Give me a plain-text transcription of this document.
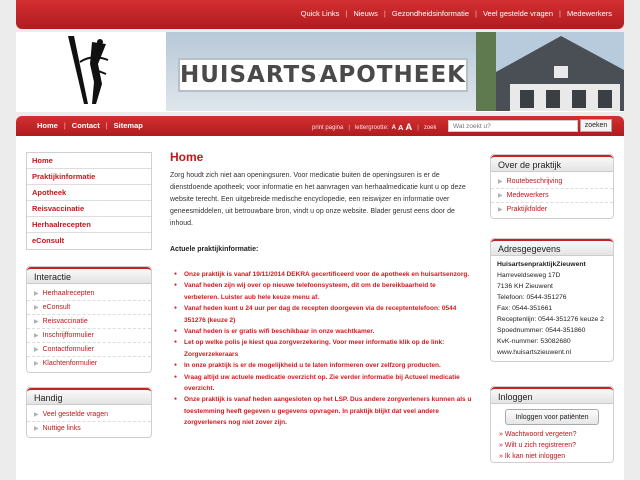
Quick Links | Nieuws | Gezondheidsinformatie | Veel gestelde vragen | Medewerkers
HUISARTS APOTHEEK
Home | Contact | Sitemap	print pagina | lettergrootte: A A A | zoek
Wat zoekt u?	zoeken
Home
Praktijkinformatie
Apotheek
Reisvaccinatie
Herhaalrecepten
eConsult
Interactie
▶ Herhaalrecepten
▶ eConsult
▶ Reisvaccinatie
▶ Inschrijfformulier
▶ Contactformulier
▶ Klachtenformulier
Handig
▶ Veel gestelde vragen
▶ Nuttige links
Home

Zorg houdt zich niet aan openingsuren. Voor medicatie buiten de openingsuren is er de dienstdoende apotheek; voor informatie en het aanvragen van herhaalmedicatie kunt u op deze website terecht. Een uitgebreide medische encyclopedie, een reiswijzer en informatie over geneesmiddelen, uit betrouwbare bron, vindt u op onze website. Blader gerust eens door de inhoud.

Actuele praktijkinformatie:

● Onze praktijk is vanaf 19/11/2014 DEKRA gecertificeerd voor de apotheek en huisartsenzorg.
● Vanaf heden zijn wij over op nieuwe telefoonsysteem, dit om de bereikbaarheid te verbeteren. Luister aub hele keuze menu af.
● Vanaf heden kunt u 24 uur per dag de recepten doorgeven via de receptentelefoon: 0544 351276 (keuze 2)
● Vanaf heden is er gratis wifi beschikbaar in onze wachtkamer.
● Let op welke polis je kiest qua zorgverzekering. Voor meer informatie klik op de link: Zorgverzekeraars
● In onze praktijk is er de mogelijkheid u te laten informeren over zelfzorg producten.
● Vraag altijd uw actuele medicatie overzicht op. Zie verder informatie bij Actueel medicatie overzicht.
● Onze praktijk is vanaf heden aangesloten op het LSP. Dus andere zorgverleners kunnen als u toestemming heeft gegeven u gegevens opvragen. In praktijk blijkt dat veel andere zorgverleners nog niet zover zijn.
Over de praktijk
▶ Routebeschrijving
▶ Medewerkers
▶ Praktijkfolder
Adresgegevens
HuisartsenpraktijkZieuwent
Harreveldseweg 17D
7136 KH Zieuwent
Telefoon: 0544-351276
Fax: 0544-351661
Receptenlijn: 0544-351276 keuze 2
Spoednummer: 0544-351860
KvK-nummer: 53082680
www.huisartszieuwent.nl
Inloggen
Inloggen voor patiënten
» Wachtwoord vergeten?
» Wilt u zich registreren?
» Ik kan niet inloggen
